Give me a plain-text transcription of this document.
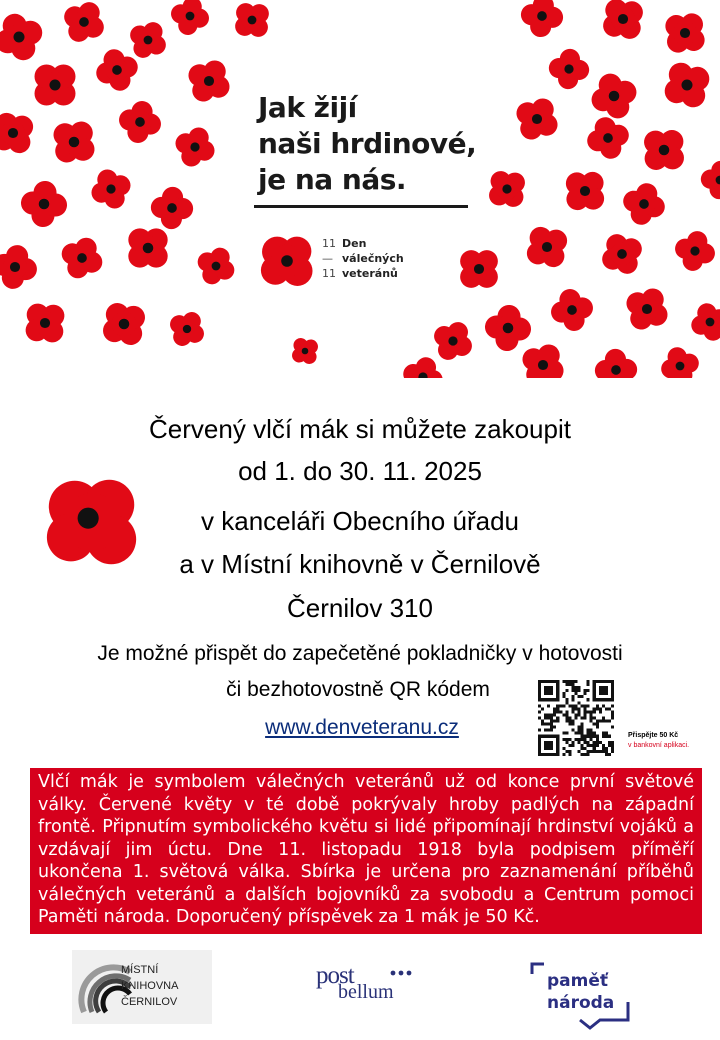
Jak žijí
naši hrdinové,
je na nás.
11 Den
— válečných
11 veteránů
Červený vlčí mák si můžete zakoupit
od 1. do 30. 11. 2025
v kanceláři Obecního úřadu
a v Místní knihovně v Černilově
Černilov 310
Je možné přispět do zapečetěné pokladničky v hotovosti
či bezhotovostně QR kódem
www.denveteranu.cz	Přispějte 50 Kč
v bankovní aplikaci.
Vlčí mák je symbolem válečných veteránů už od konce první světové války. Červené květy v té době pokrývaly hroby padlých na západní frontě. Připnutím symbolického květu si lidé připomínají hrdinství vojáků a vzdávají jim úctu. Dne 11. listopadu 1918 byla podpisem příměří ukončena 1. světová válka. Sbírka je určena pro zaznamenání příběhů válečných veteránů a dalších bojovníků za svobodu a Centrum pomoci Paměti národa. Doporučený příspěvek za 1 mák je 50 Kč.
MÍSTNÍ
KNIHOVNA
ČERNILOV
post
bellum	paměť
národa
